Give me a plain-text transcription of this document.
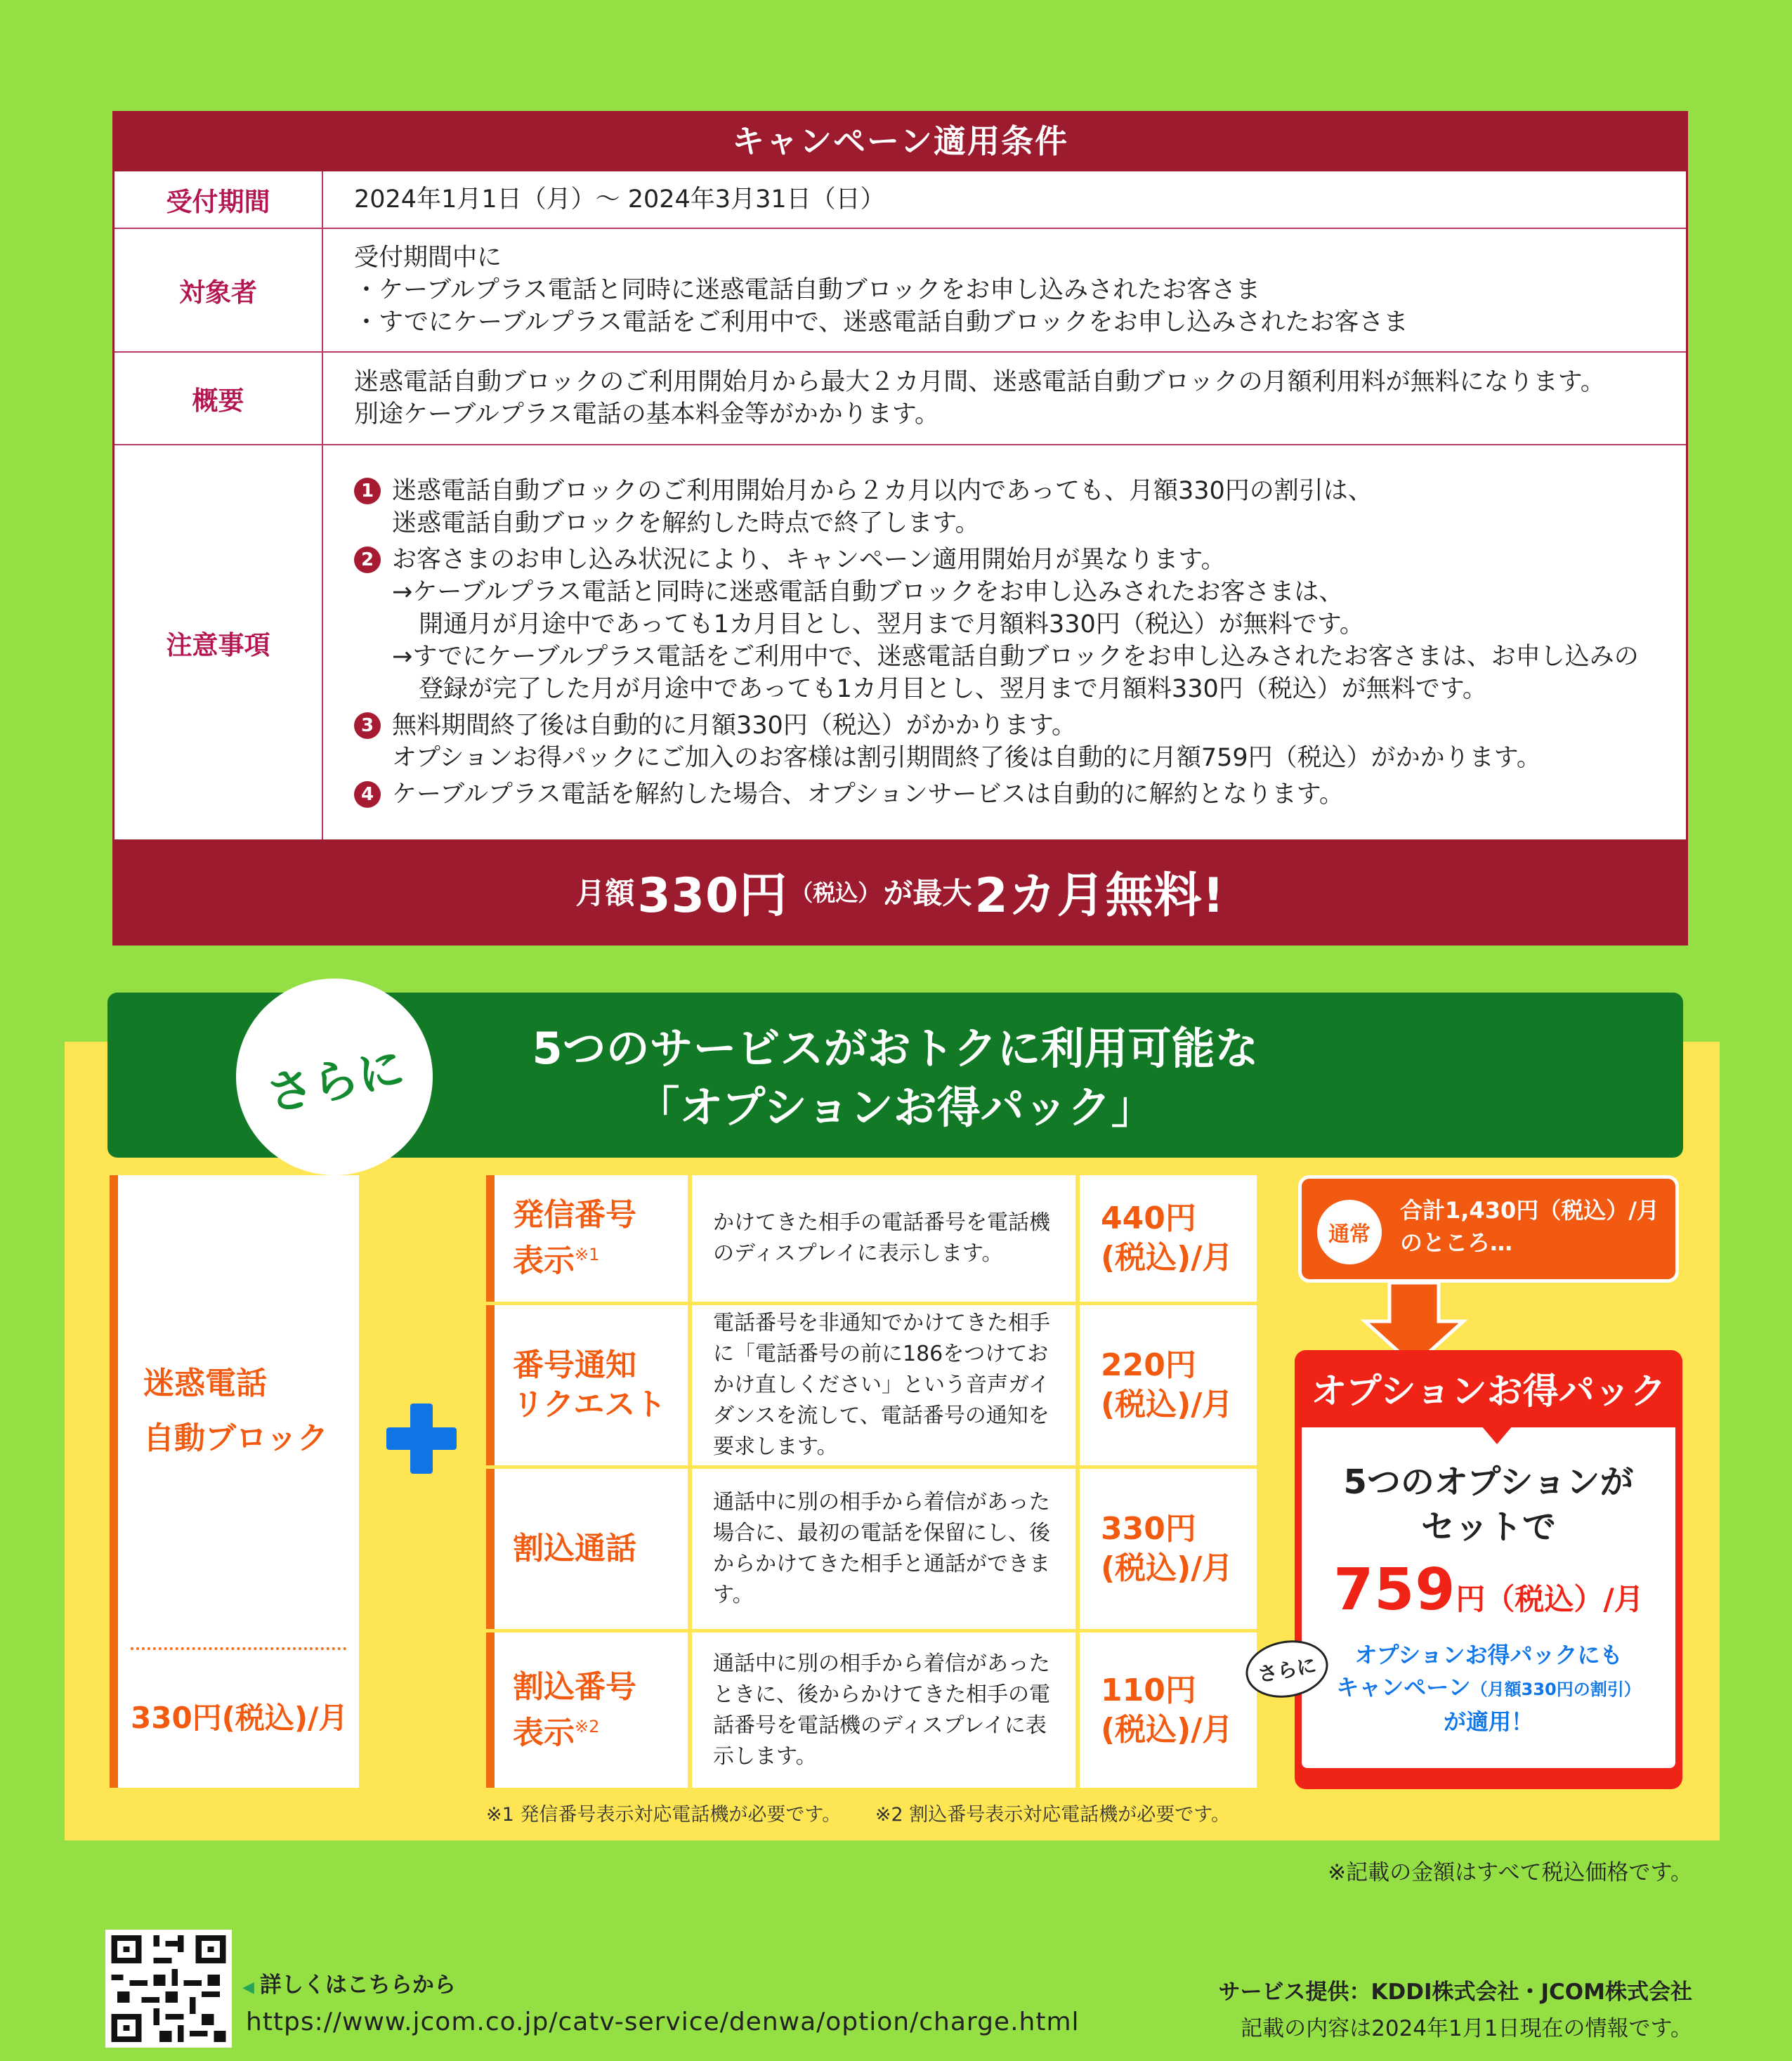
キャンペーン適用条件
受付期間	2024年1月1日（月）〜 2024年3月31日（日）
対象者
受付期間中に
・ケーブルプラス電話と同時に迷惑電話自動ブロックをお申し込みされたお客さま
・すでにケーブルプラス電話をご利用中で、迷惑電話自動ブロックをお申し込みされたお客さま
概要
迷惑電話自動ブロックのご利用開始月から最大２カ月間、迷惑電話自動ブロックの月額利用料が無料になります。
別途ケーブルプラス電話の基本料金等がかかります。
注意事項
1 迷惑電話自動ブロックのご利用開始月から２カ月以内であっても、月額330円の割引は、
迷惑電話自動ブロックを解約した時点で終了します。
2 お客さまのお申し込み状況により、キャンペーン適用開始月が異なります。
→ケーブルプラス電話と同時に迷惑電話自動ブロックをお申し込みされたお客さまは、
開通月が月途中であっても1カ月目とし、翌月まで月額料330円（税込）が無料です。
→すでにケーブルプラス電話をご利用中で、迷惑電話自動ブロックをお申し込みされたお客さまは、お申し込みの
登録が完了した月が月途中であっても1カ月目とし、翌月まで月額料330円（税込）が無料です。
3 無料期間終了後は自動的に月額330円（税込）がかかります。
オプションお得パックにご加入のお客様は割引期間終了後は自動的に月額759円（税込）がかかります。
4 ケーブルプラス電話を解約した場合、オプションサービスは自動的に解約となります。
月額 330円 （税込） が最大 2カ月無料!
5つのサービスがおトクに利用可能な
「オプションお得パック」
さらに
迷惑電話
自動ブロック
330円(税込)/月
発信番号
表示$^{※1}$
かけてきた相手の電話番号を電話機のディスプレイに表示します。
440円
(税込)/月
番号通知
リクエスト
電話番号を非通知でかけてきた相手に「電話番号の前に186をつけておかけ直しください」という音声ガイダンスを流して、電話番号の通知を要求します。
220円
(税込)/月
割込通話
通話中に別の相手から着信があった場合に、最初の電話を保留にし、後からかけてきた相手と通話ができます。
330円
(税込)/月
割込番号
表示$^{※2}$
通話中に別の相手から着信があったときに、後からかけてきた相手の電話番号を電話機のディスプレイに表示します。
110円
(税込)/月
※1 発信番号表示対応電話機が必要です。 ※2 割込番号表示対応電話機が必要です。
通常
合計1,430円（税込）/月
のところ…
オプションお得パック
5つのオプションが
セットで
759円（税込）/月
オプションお得パックにも
キャンペーン（月額330円の割引）
が適用！
さらに
※記載の金額はすべて税込価格です。
◀ 詳しくはこちらから
https://www.jcom.co.jp/catv-service/denwa/option/charge.html
サービス提供：KDDI株式会社・JCOM株式会社
記載の内容は2024年1月1日現在の情報です。
